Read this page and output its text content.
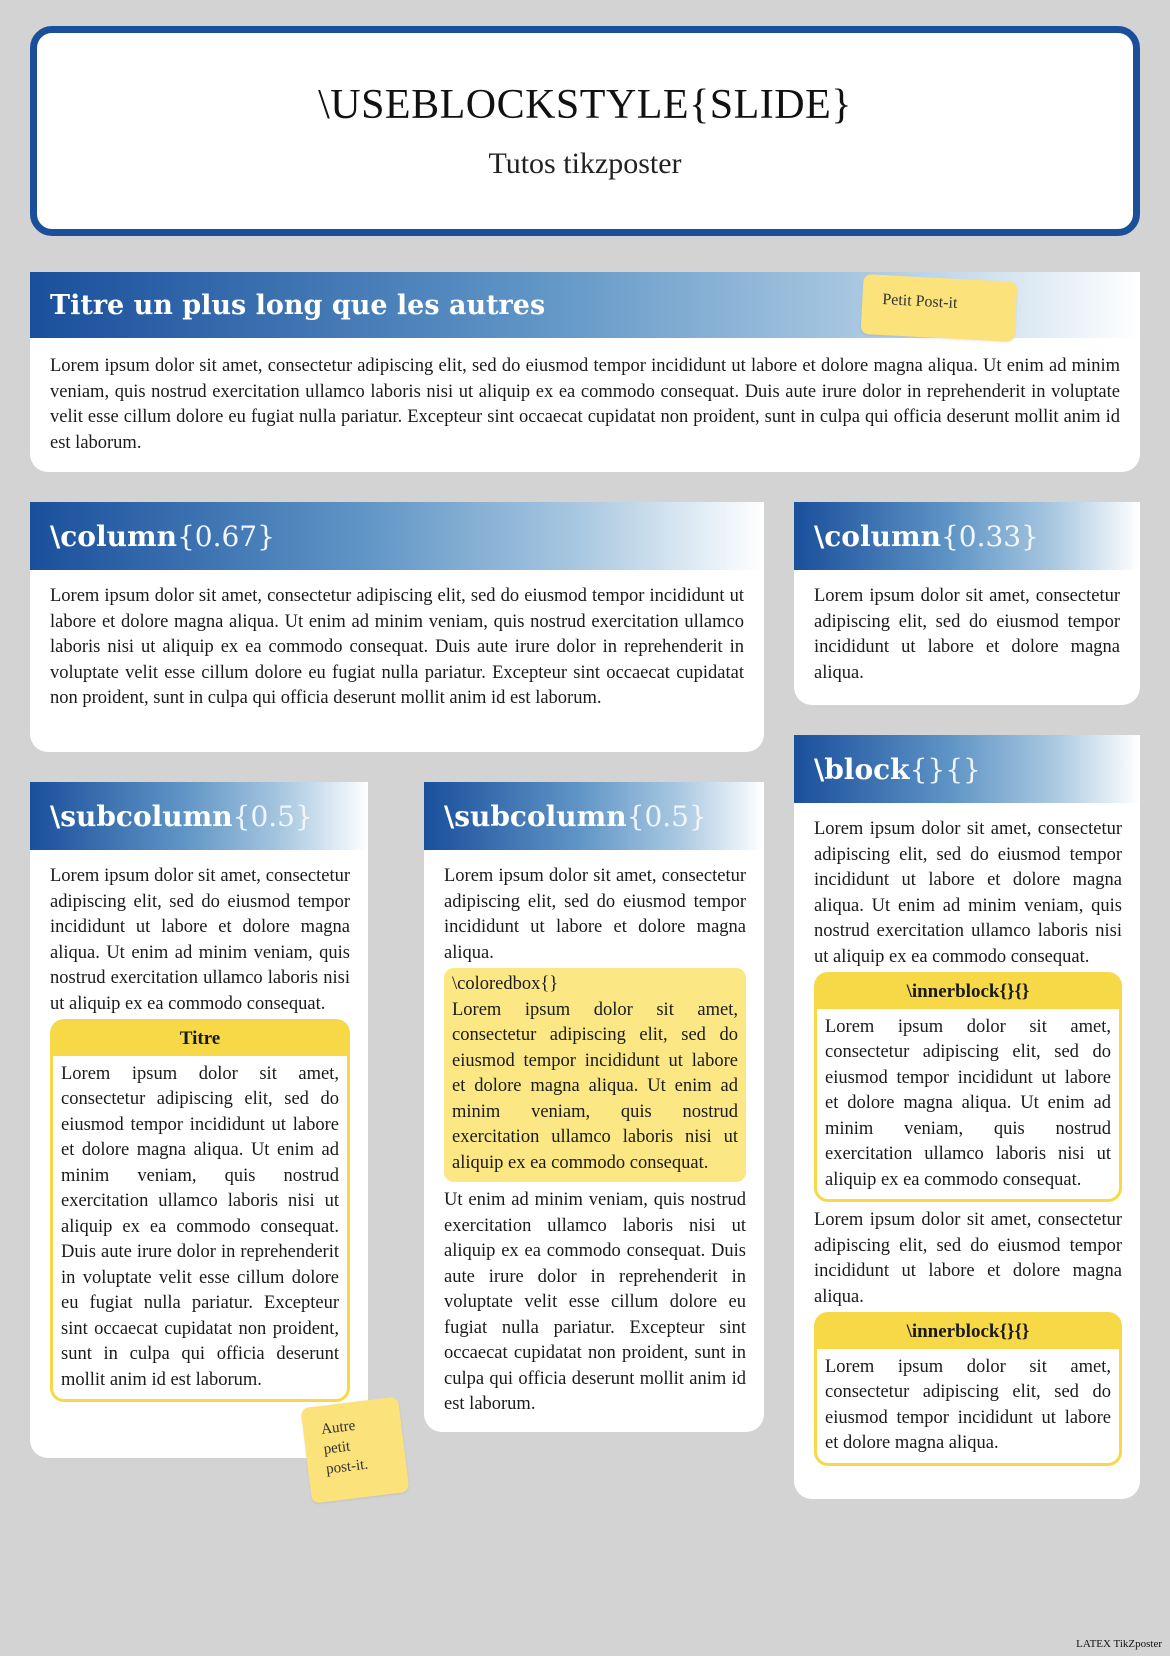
\USEBLOCKSTYLE{SLIDE}
Tutos tikzposter
Titre un plus long que les autres
Lorem ipsum dolor sit amet, consectetur adipiscing elit, sed do eiusmod tempor incididunt ut labore et dolore magna aliqua. Ut enim ad minim veniam, quis nostrud exercitation ullamco laboris nisi ut aliquip ex ea commodo consequat. Duis aute irure dolor in reprehenderit in voluptate velit esse cillum dolore eu fugiat nulla pariatur. Excepteur sint occaecat cupidatat non proident, sunt in culpa qui officia deserunt mollit anim id est laborum.
Petit Post-it
\column {0.67}
Lorem ipsum dolor sit amet, consectetur adipiscing elit, sed do eiusmod tempor incididunt ut labore et dolore magna aliqua. Ut enim ad minim veniam, quis nostrud exercitation ullamco laboris nisi ut aliquip ex ea commodo consequat. Duis aute irure dolor in reprehenderit in voluptate velit esse cillum dolore eu fugiat nulla pariatur. Excepteur sint occaecat cupidatat non proident, sunt in culpa qui officia deserunt mollit anim id est laborum.
\column {0.33}
Lorem ipsum dolor sit amet, consectetur adipiscing elit, sed do eiusmod tempor incididunt ut labore et dolore magna aliqua.
\subcolumn {0.5}
Lorem ipsum dolor sit amet, consectetur adipiscing elit, sed do eiusmod tempor incididunt ut labore et dolore magna aliqua. Ut enim ad minim veniam, quis nostrud exercitation ullamco laboris nisi ut aliquip ex ea commodo consequat.
Titre
Lorem ipsum dolor sit amet, consectetur adipiscing elit, sed do eiusmod tempor incididunt ut labore et dolore magna aliqua. Ut enim ad minim veniam, quis nostrud exercitation ullamco laboris nisi ut aliquip ex ea commodo consequat. Duis aute irure dolor in reprehenderit in voluptate velit esse cillum dolore eu fugiat nulla pariatur. Excepteur sint occaecat cupidatat non proident, sunt in culpa qui officia deserunt mollit anim id est laborum.
Autre
petit
post-it.
\subcolumn {0.5}
Lorem ipsum dolor sit amet, consectetur adipiscing elit, sed do eiusmod tempor incididunt ut labore et dolore magna aliqua.
\coloredbox{}
Lorem ipsum dolor sit amet, consectetur adipiscing elit, sed do eiusmod tempor incididunt ut labore et dolore magna aliqua. Ut enim ad minim veniam, quis nostrud exercitation ullamco laboris nisi ut aliquip ex ea commodo consequat.
Ut enim ad minim veniam, quis nostrud exercitation ullamco laboris nisi ut aliquip ex ea commodo consequat. Duis aute irure dolor in reprehenderit in voluptate velit esse cillum dolore eu fugiat nulla pariatur. Excepteur sint occaecat cupidatat non proident, sunt in culpa qui officia deserunt mollit anim id est laborum.
\block {}{}
Lorem ipsum dolor sit amet, consectetur adipiscing elit, sed do eiusmod tempor incididunt ut labore et dolore magna aliqua. Ut enim ad minim veniam, quis nostrud exercitation ullamco laboris nisi ut aliquip ex ea commodo consequat.
\innerblock{}{}
Lorem ipsum dolor sit amet, consectetur adipiscing elit, sed do eiusmod tempor incididunt ut labore et dolore magna aliqua. Ut enim ad minim veniam, quis nostrud exercitation ullamco laboris nisi ut aliquip ex ea commodo consequat.
Lorem ipsum dolor sit amet, consectetur adipiscing elit, sed do eiusmod tempor incididunt ut labore et dolore magna aliqua.
\innerblock{}{}
Lorem ipsum dolor sit amet, consectetur adipiscing elit, sed do eiusmod tempor incididunt ut labore et dolore magna aliqua.
LATEX TikZposter
